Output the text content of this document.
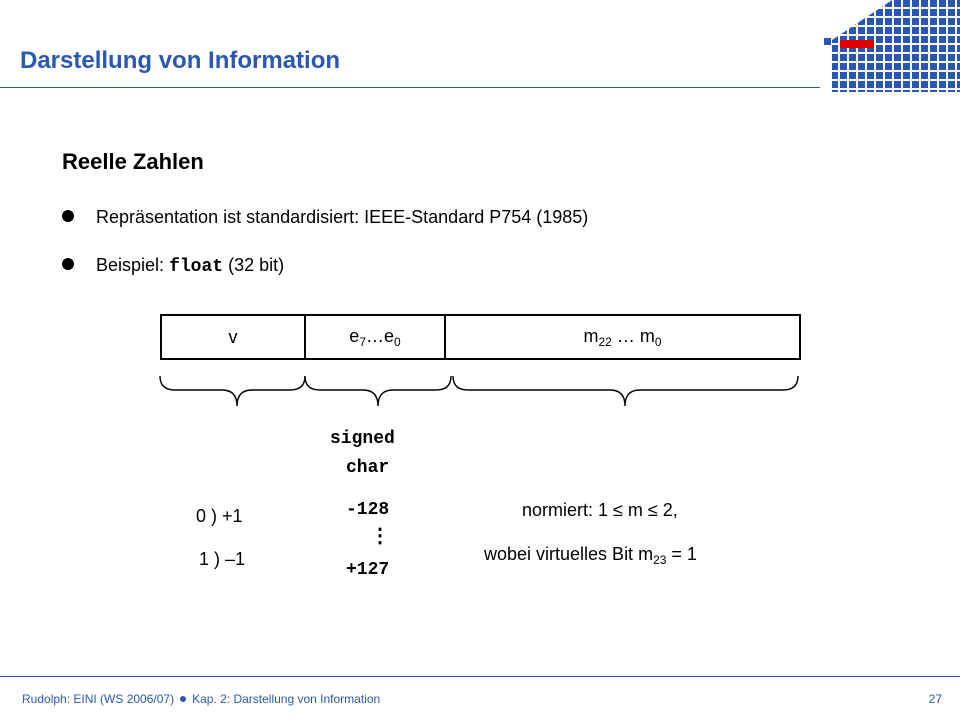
Darstellung von Information
Reelle Zahlen
Repräsentation ist standardisiert: IEEE-Standard P754 (1985)
Beispiel: float (32 bit)
v	$e_7\dots e_0$	$m_{22}$ … $m_0$
0 ) +1
1 ) –1
signed
char
-128
⋮
+127
normiert: 1 ≤ m ≤ 2,
wobei virtuelles Bit $m_{23} = 1$
Rudolph: EINI (WS 2006/07) Kap. 2: Darstellung von Information	27
